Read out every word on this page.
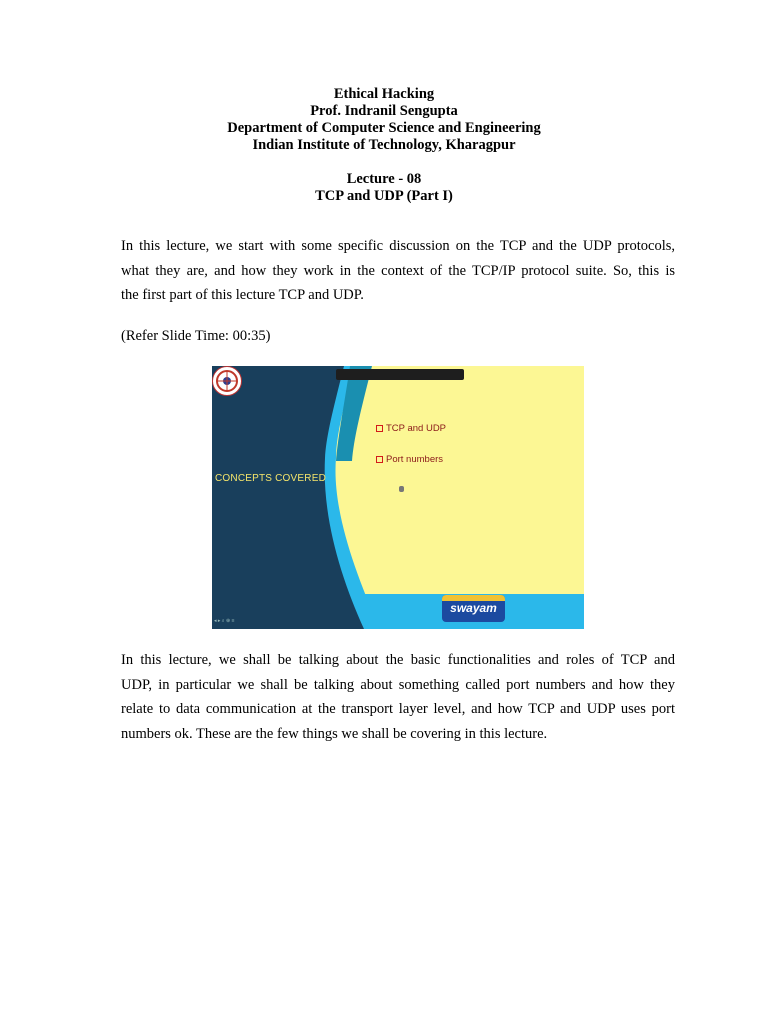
Ethical Hacking
Prof. Indranil Sengupta
Department of Computer Science and Engineering
Indian Institute of Technology, Kharagpur
Lecture - 08
TCP and UDP (Part I)
In this lecture, we start with some specific discussion on the TCP and the UDP protocols,
what they are, and how they work in the context of the TCP/IP protocol suite. So, this is
the first part of this lecture TCP and UDP.
(Refer Slide Time: 00:35)
CONCEPTS COVERED
TCP and UDP
Port numbers
swayam
◂ ▸ ⌕ ⊕ ≡
In this lecture, we shall be talking about the basic functionalities and roles of TCP and
UDP, in particular we shall be talking about something called port numbers and how they
relate to data communication at the transport layer level, and how TCP and UDP uses port
numbers ok. These are the few things we shall be covering in this lecture.
